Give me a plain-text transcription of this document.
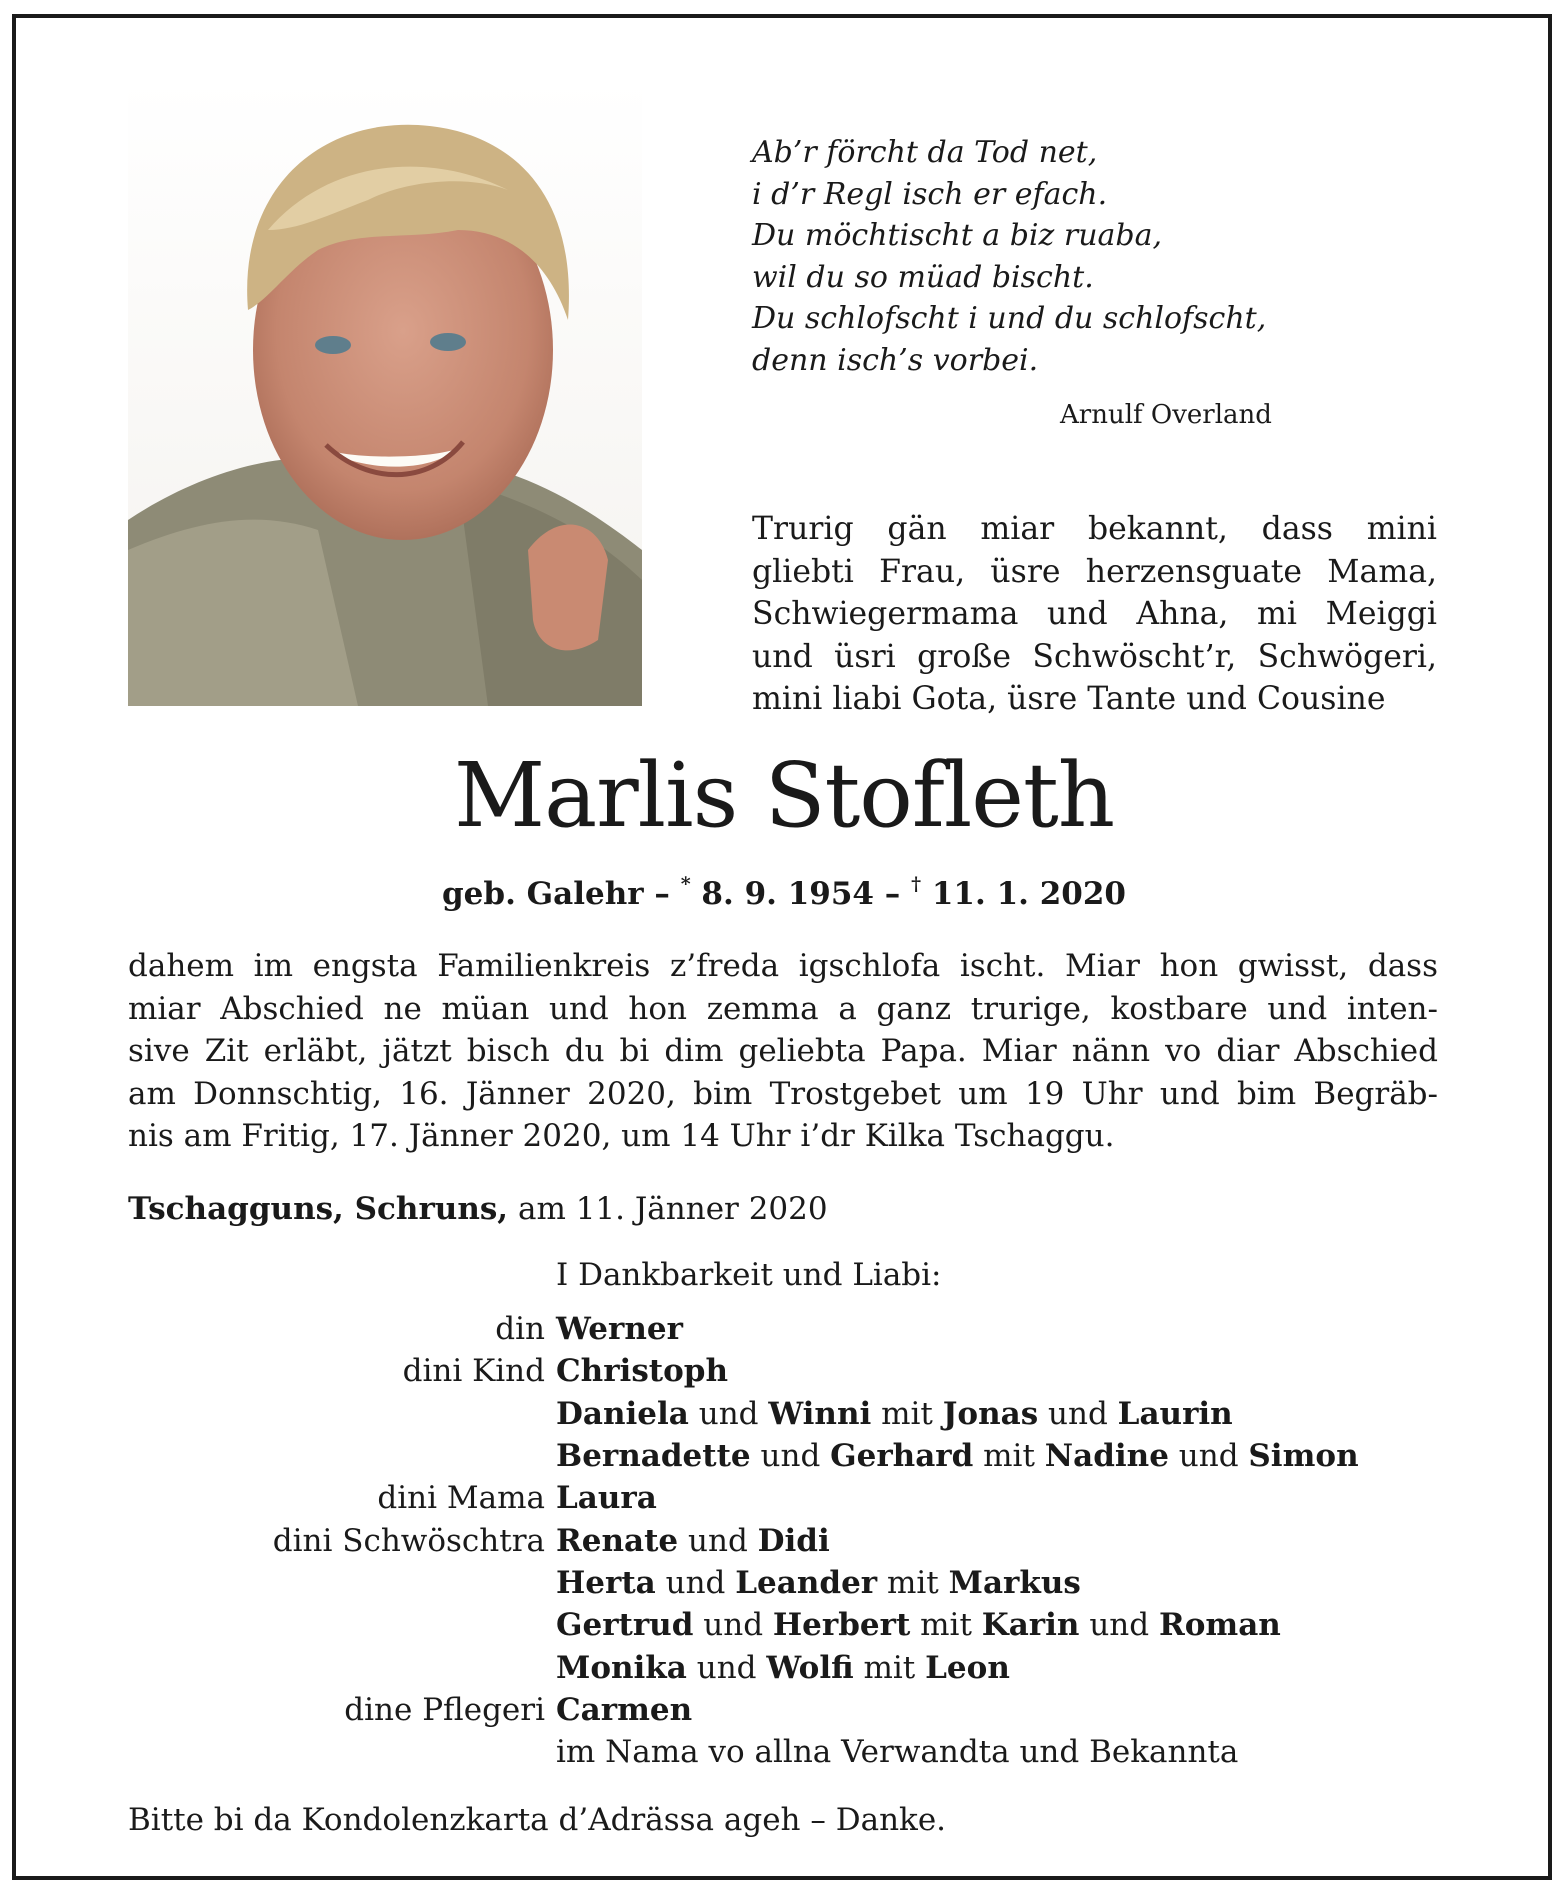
Ab’r förcht da Tod net,
i d’r Regl isch er efach.
Du möchtischt a biz ruaba,
wil du so müad bischt.
Du schlofscht i und du schlofscht,
denn isch’s vorbei.
Arnulf Overland
Trurig gän miar bekannt, dass mini
gliebti Frau, üsre herzensguate Mama,
Schwiegermama und Ahna, mi Meiggi
und üsri große Schwöscht’r, Schwögeri,
mini liabi Gota, üsre Tante und Cousine
Marlis Stofleth
geb. Galehr – * 8. 9. 1954 – † 11. 1. 2020
dahem im engsta Familienkreis z’freda igschlofa ischt. Miar hon gwisst, dass
miar Abschied ne müan und hon zemma a ganz trurige, kostbare und inten-
sive Zit erläbt, jätzt bisch du bi dim geliebta Papa. Miar nänn vo diar Abschied
am Donnschtig, 16. Jänner 2020, bim Trostgebet um 19 Uhr und bim Begräb-
nis am Fritig, 17. Jänner 2020, um 14 Uhr i’dr Kilka Tschaggu.
Tschagguns, Schruns, am 11. Jänner 2020
I Dankbarkeit und Liabi:
din Werner
dini Kind Christoph
Daniela und Winni mit Jonas und Laurin
Bernadette und Gerhard mit Nadine und Simon
dini Mama Laura
dini Schwöschtra Renate und Didi
Herta und Leander mit Markus
Gertrud und Herbert mit Karin und Roman
Monika und Wolfi mit Leon
dine Pflegeri Carmen
im Nama vo allna Verwandta und Bekannta
Bitte bi da Kondolenzkarta d’Adrässa ageh – Danke.
